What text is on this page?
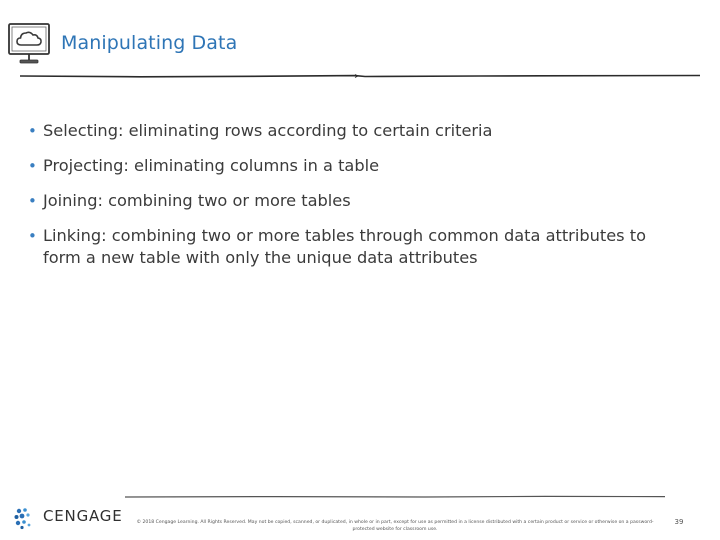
Manipulating Data
• Selecting: eliminating rows according to certain criteria
• Projecting: eliminating columns in a table
• Joining: combining two or more tables
• Linking: combining two or more tables through common data attributes to form a new table with only the unique data attributes
CENGAGE	© 2018 Cengage Learning. All Rights Reserved. May not be copied, scanned, or duplicated, in whole or in part, except for use as permitted in a license distributed with a certain product or service or otherwise on a password-protected website for classroom use.
39
